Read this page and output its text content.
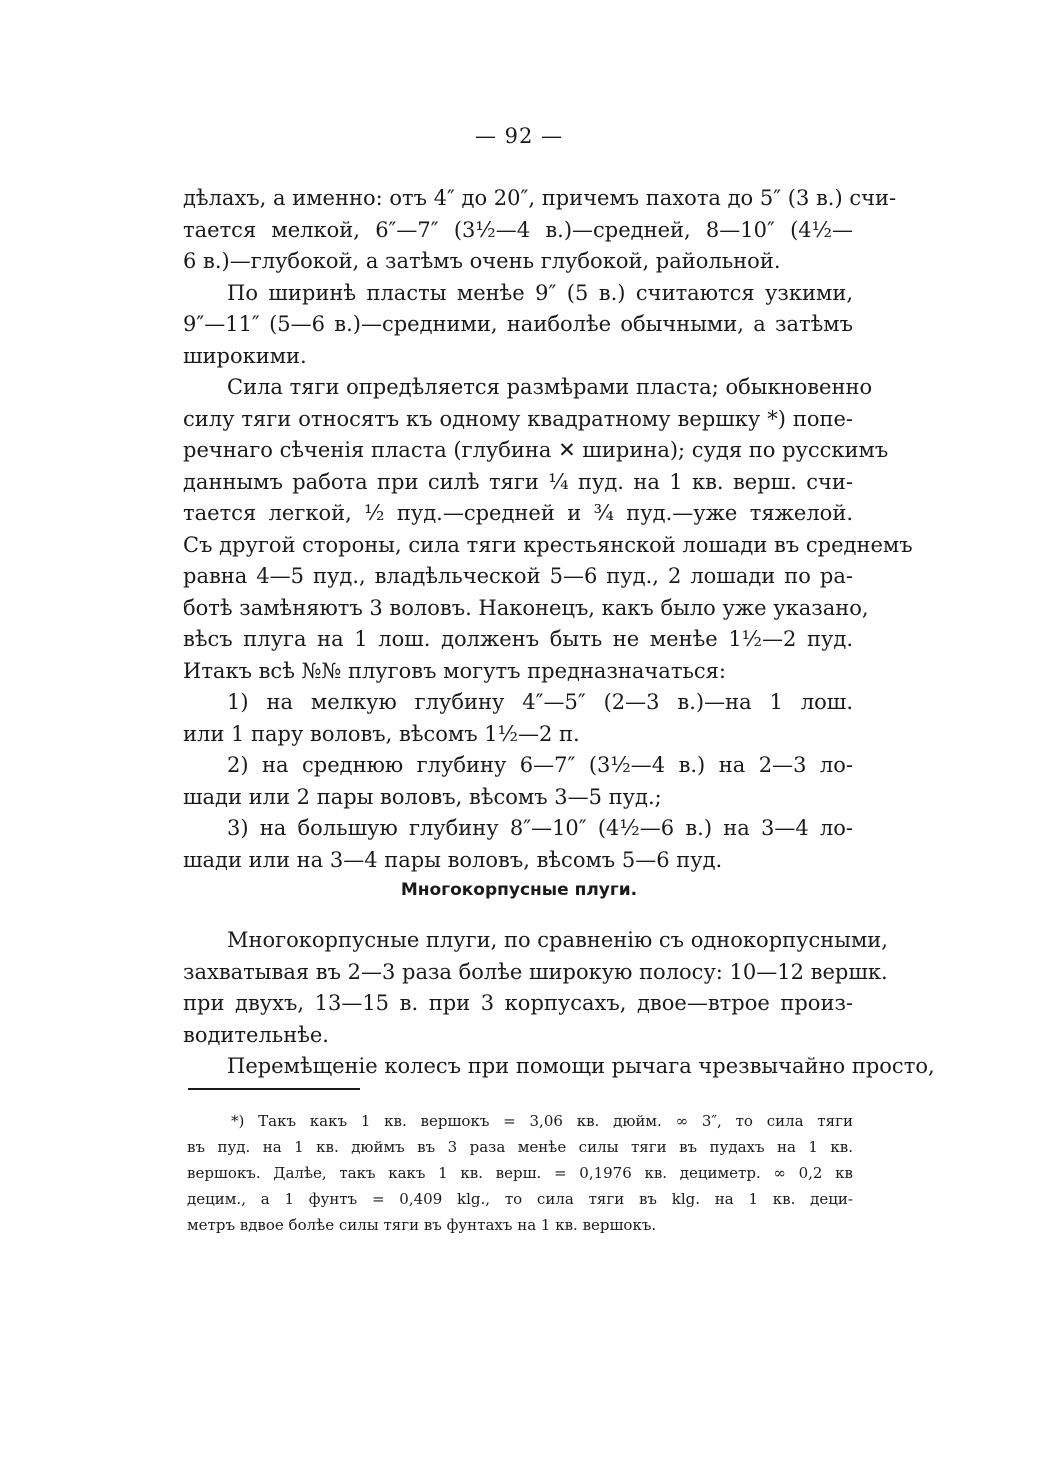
— 92 —
дѣлахъ, а именно: отъ 4″ до 20″, причемъ пахота до 5″ (3 в.) счи-
тается мелкой, 6″—7″ (3½—4 в.)—средней, 8—10″ (4½—
6 в.)—глубокой, а затѣмъ очень глубокой, райольной.
По ширинѣ пласты менѣе 9″ (5 в.) считаются узкими,
9″—11″ (5—6 в.)—средними, наиболѣе обычными, а затѣмъ
широкими.
Сила тяги опредѣляется размѣрами пласта; обыкновенно
силу тяги относятъ къ одному квадратному вершку *) попе-
речнаго сѣченія пласта (глубина ✕ ширина); судя по русскимъ
даннымъ работа при силѣ тяги ¼ пуд. на 1 кв. верш. счи-
тается легкой, ½ пуд.—средней и ¾ пуд.—уже тяжелой.
Съ другой стороны, сила тяги крестьянской лошади въ среднемъ
равна 4—5 пуд., владѣльческой 5—6 пуд., 2 лошади по ра-
ботѣ замѣняютъ 3 воловъ. Наконецъ, какъ было уже указано,
вѣсъ плуга на 1 лош. долженъ быть не менѣе 1½—2 пуд.
Итакъ всѣ №№ плуговъ могутъ предназначаться:
1) на мелкую глубину 4″—5″ (2—3 в.)—на 1 лош.
или 1 пару воловъ, вѣсомъ 1½—2 п.
2) на среднюю глубину 6—7″ (3½—4 в.) на 2—3 ло-
шади или 2 пары воловъ, вѣсомъ 3—5 пуд.;
3) на большую глубину 8″—10″ (4½—6 в.) на 3—4 ло-
шади или на 3—4 пары воловъ, вѣсомъ 5—6 пуд.
Многокорпусные плуги.
Многокорпусные плуги, по сравненію съ однокорпусными,
захватывая въ 2—3 раза болѣе широкую полосу: 10—12 вершк.
при двухъ, 13—15 в. при 3 корпусахъ, двое—втрое произ-
водительнѣе.
Перемѣщеніе колесъ при помощи рычага чрезвычайно просто,
*) Такъ какъ 1 кв. вершокъ = 3,06 кв. дюйм. ∞ 3″, то сила тяги
въ пуд. на 1 кв. дюймъ въ 3 раза менѣе силы тяги въ пудахъ на 1 кв.
вершокъ. Далѣе, такъ какъ 1 кв. верш. = 0,1976 кв. дециметр. ∞ 0,2 кв
децим., а 1 фунтъ = 0,409 klg., то сила тяги въ klg. на 1 кв. деци-
метръ вдвое болѣе силы тяги въ фунтахъ на 1 кв. вершокъ.
